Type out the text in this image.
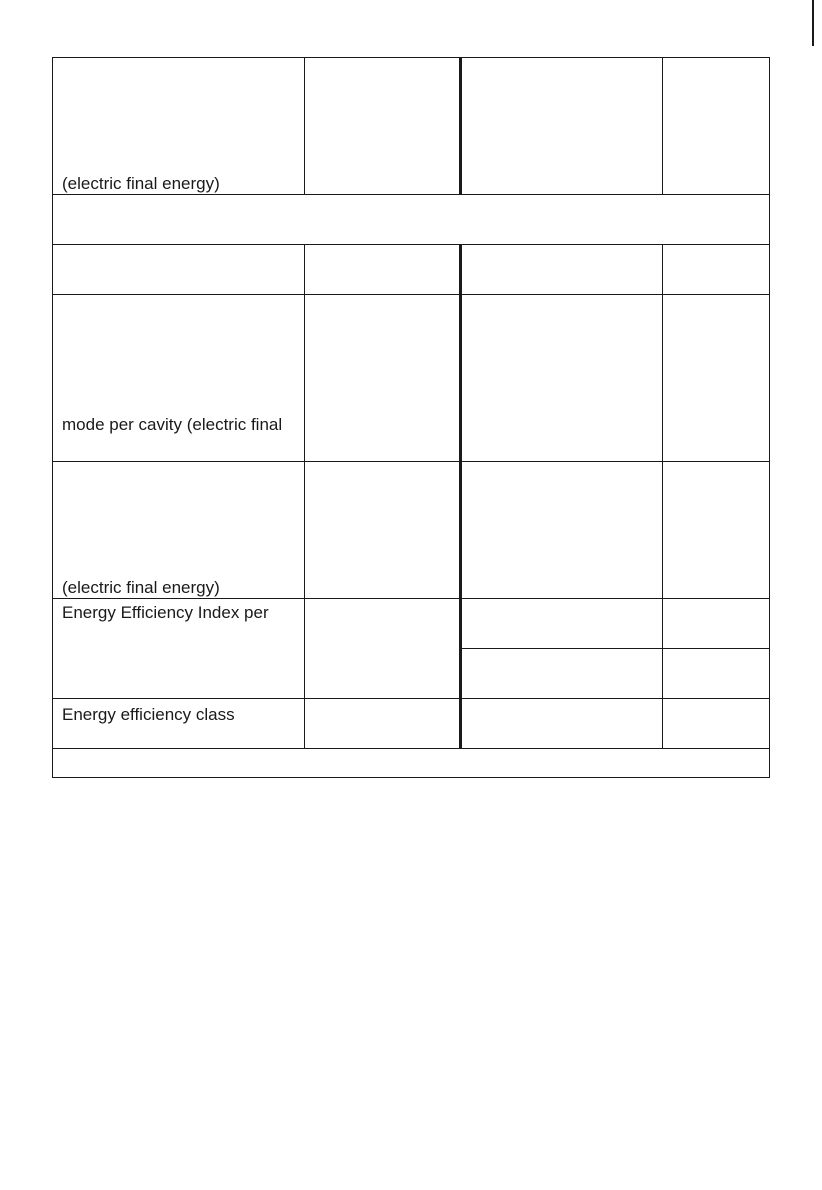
(electric final energy)
mode per cavity (electric final
(electric final energy)
Energy Efficiency Index per
Energy efficiency class
